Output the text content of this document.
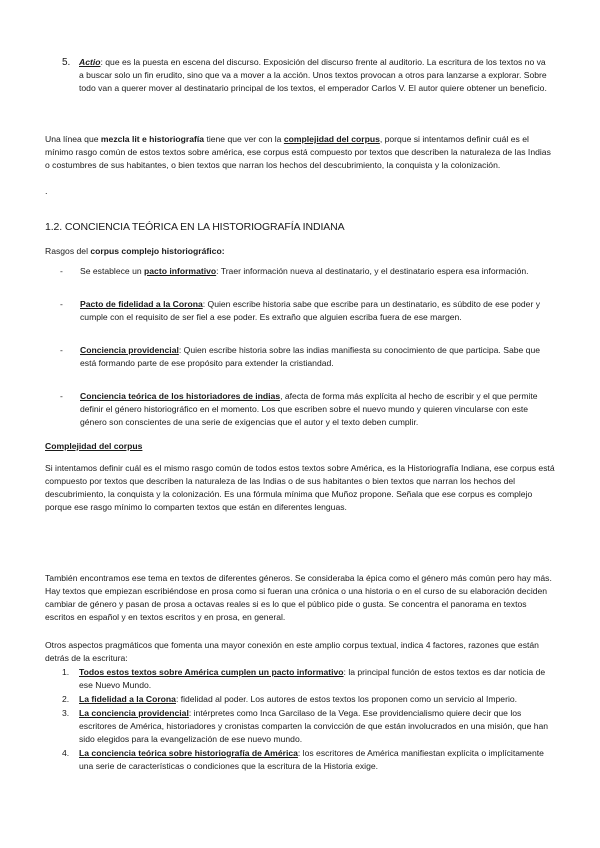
5. Actio: que es la puesta en escena del discurso. Exposición del discurso frente al auditorio. La escritura de los textos no va a buscar solo un fin erudito, sino que va a mover a la acción. Unos textos provocan a otros para lanzarse a explorar. Sobre todo van a querer mover al destinatario principal de los textos, el emperador Carlos V. El autor quiere obtener un beneficio.

Una línea que mezcla lit e historiografía tiene que ver con la complejidad del corpus, porque si intentamos definir cuál es el mínimo rasgo común de estos textos sobre américa, ese corpus está compuesto por textos que describen la naturaleza de las Indias o costumbres de sus habitantes, o bien textos que narran los hechos del descubrimiento, la conquista y la colonización.

.
1.2. CONCIENCIA TEÓRICA EN LA HISTORIOGRAFÍA INDIANA

Rasgos del corpus complejo historiográfico:

- Se establece un pacto informativo: Traer información nueva al destinatario, y el destinatario espera esa información.

- Pacto de fidelidad a la Corona: Quien escribe historia sabe que escribe para un destinatario, es súbdito de ese poder y cumple con el requisito de ser fiel a ese poder. Es extraño que alguien escriba fuera de ese margen.

- Conciencia providencial: Quien escribe historia sobre las indias manifiesta su conocimiento de que participa. Sabe que está formando parte de ese propósito para extender la cristiandad.

- Conciencia teórica de los historiadores de indias, afecta de forma más explícita al hecho de escribir y el que permite definir el género historiográfico en el momento. Los que escriben sobre el nuevo mundo y quieren vincularse con este género son conscientes de una serie de exigencias que el autor y el texto deben cumplir.

Complejidad del corpus

Si intentamos definir cuál es el mismo rasgo común de todos estos textos sobre América, es la Historiografía Indiana, ese corpus está compuesto por textos que describen la naturaleza de las Indias o de sus habitantes o bien textos que narran los hechos del descubrimiento, la conquista y la colonización. Es una fórmula mínima que Muñoz propone. Señala que ese corpus es complejo porque ese rasgo mínimo lo comparten textos que están en diferentes lenguas.

También encontramos ese tema en textos de diferentes géneros. Se consideraba la épica como el género más común pero hay más. Hay textos que empiezan escribiéndose en prosa como si fueran una crónica o una historia o en el curso de su elaboración deciden cambiar de género y pasan de prosa a octavas reales si es lo que el público pide o gusta. Se concentra el panorama en textos escritos en español y en textos escritos y en prosa, en general.

Otros aspectos pragmáticos que fomenta una mayor conexión en este amplio corpus textual, indica 4 factores, razones que están detrás de la escritura:

1. Todos estos textos sobre América cumplen un pacto informativo: la principal función de estos textos es dar noticia de ese Nuevo Mundo.

2. La fidelidad a la Corona: fidelidad al poder. Los autores de estos textos los proponen como un servicio al Imperio.

3. La conciencia providencial: intérpretes como Inca Garcilaso de la Vega. Ese providencialismo quiere decir que los escritores de América, historiadores y cronistas comparten la convicción de que están involucrados en una misión, que han sido elegidos para la evangelización de ese nuevo mundo.

4. La conciencia teórica sobre historiografía de América: los escritores de América manifiestan explícita o implícitamente una serie de características o condiciones que la escritura de la Historia exige.
